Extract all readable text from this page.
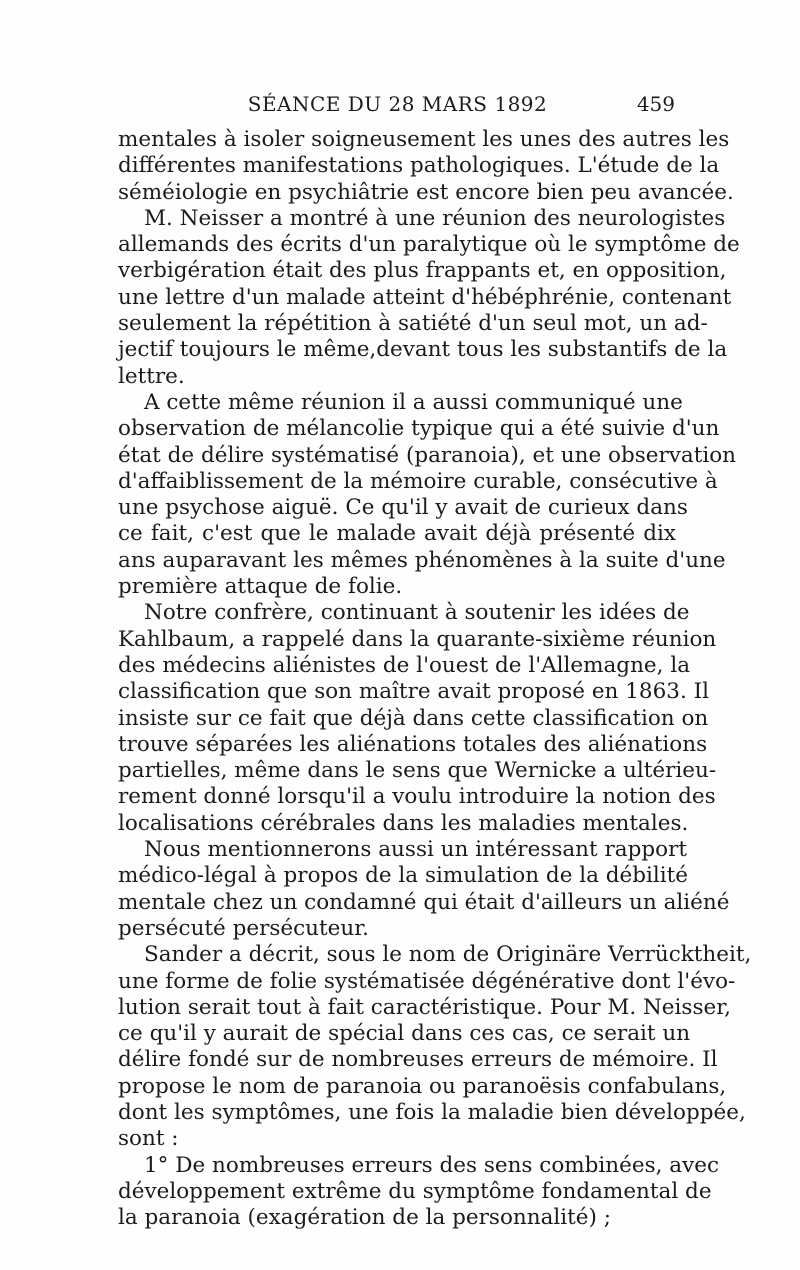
SÉANCE DU 28 MARS 1892	459
mentales à isoler soigneusement les unes des autres les
différentes manifestations pathologiques. L'étude de la
séméiologie en psychiâtrie est encore bien peu avancée.
M. Neisser a montré à une réunion des neurologistes
allemands des écrits d'un paralytique où le symptôme de
verbigération était des plus frappants et, en opposition,
une lettre d'un malade atteint d'hébéphrénie, contenant
seulement la répétition à satiété d'un seul mot, un ad-
jectif toujours le même,devant tous les substantifs de la
lettre.
A cette même réunion il a aussi communiqué une
observation de mélancolie typique qui a été suivie d'un
état de délire systématisé (paranoia), et une observation
d'affaiblissement de la mémoire curable, consécutive à
une psychose aiguë. Ce qu'il y avait de curieux dans
ce fait, c'est que le malade avait déjà présenté dix
ans auparavant les mêmes phénomènes à la suite d'une
première attaque de folie.
Notre confrère, continuant à soutenir les idées de
Kahlbaum, a rappelé dans la quarante-sixième réunion
des médecins aliénistes de l'ouest de l'Allemagne, la
classification que son maître avait proposé en 1863. Il
insiste sur ce fait que déjà dans cette classification on
trouve séparées les aliénations totales des aliénations
partielles, même dans le sens que Wernicke a ultérieu-
rement donné lorsqu'il a voulu introduire la notion des
localisations cérébrales dans les maladies mentales.
Nous mentionnerons aussi un intéressant rapport
médico-légal à propos de la simulation de la débilité
mentale chez un condamné qui était d'ailleurs un aliéné
persécuté persécuteur.
Sander a décrit, sous le nom de Originäre Verrücktheit,
une forme de folie systématisée dégénérative dont l'évo-
lution serait tout à fait caractéristique. Pour M. Neisser,
ce qu'il y aurait de spécial dans ces cas, ce serait un
délire fondé sur de nombreuses erreurs de mémoire. Il
propose le nom de paranoia ou paranoësis confabulans,
dont les symptômes, une fois la maladie bien développée,
sont :
1° De nombreuses erreurs des sens combinées, avec
développement extrême du symptôme fondamental de
la paranoia (exagération de la personnalité) ;
